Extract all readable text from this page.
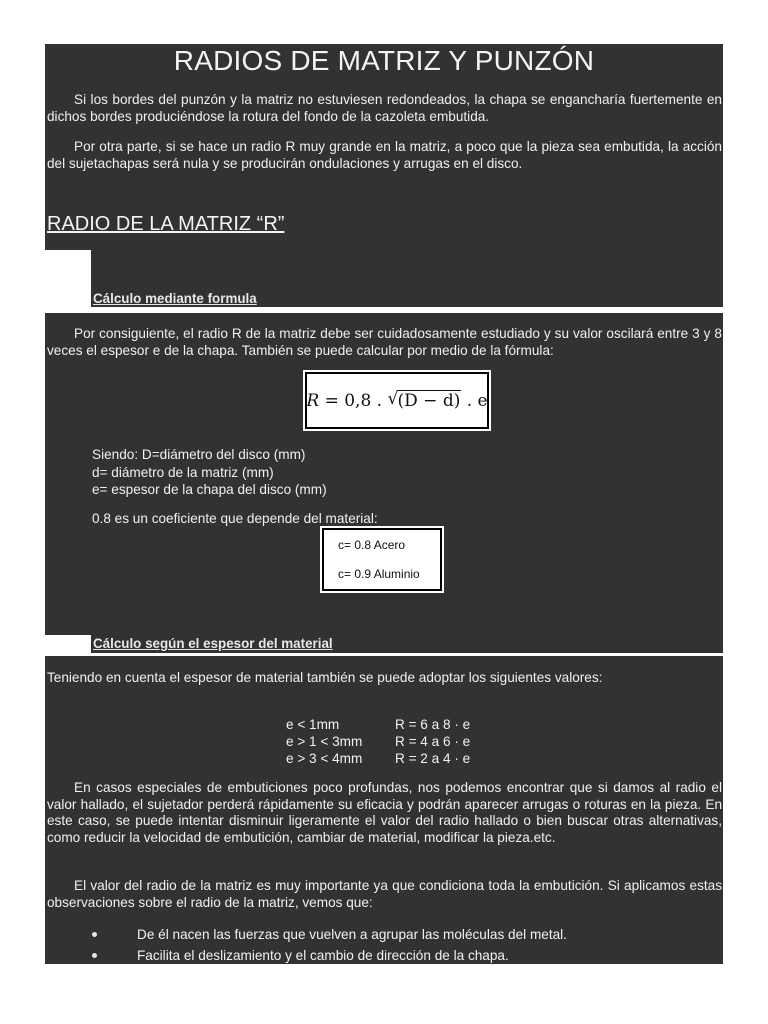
RADIOS DE MATRIZ Y PUNZÓN

Si los bordes del punzón y la matriz no estuviesen redondeados, la chapa se engancharía fuertemente en dichos bordes produciéndose la rotura del fondo de la cazoleta embutida.

Por otra parte, si se hace un radio R muy grande en la matriz, a poco que la pieza sea embutida, la acción del sujetachapas será nula y se producirán ondulaciones y arrugas en el disco.

RADIO DE LA MATRIZ “R”
Cálculo mediante formula

Por consiguiente, el radio R de la matriz debe ser cuidadosamente estudiado y su valor oscilará entre 3 y 8 veces el espesor e de la chapa. También se puede calcular por medio de la fórmula:

R = 0,8 . √ (D − d) . e
Siendo: D=diámetro del disco (mm)
d= diámetro de la matriz (mm)
e= espesor de la chapa del disco (mm)
0.8 es un coeficiente que depende del material:
c= 0.8 Acero
c= 0.9 Aluminio
Cálculo según el espesor del material

Teniendo en cuenta el espesor de material también se puede adoptar los siguientes valores:

e < 1mm	R = 6 a 8 · e
e > 1 < 3mm	R = 4 a 6 · e
e > 3 < 4mm	R = 2 a 4 · e

En casos especiales de embuticiones poco profundas, nos podemos encontrar que si damos al radio el valor hallado, el sujetador perderá rápidamente su eficacia y podrán aparecer arrugas o roturas en la pieza. En este caso, se puede intentar disminuir ligeramente el valor del radio hallado o bien buscar otras alternativas, como reducir la velocidad de embutición, cambiar de material, modificar la pieza.etc.

El valor del radio de la matriz es muy importante ya que condiciona toda la embutición. Si aplicamos estas observaciones sobre el radio de la matriz, vemos que:

De él nacen las fuerzas que vuelven a agrupar las moléculas del metal.
Facilita el deslizamiento y el cambio de dirección de la chapa.
